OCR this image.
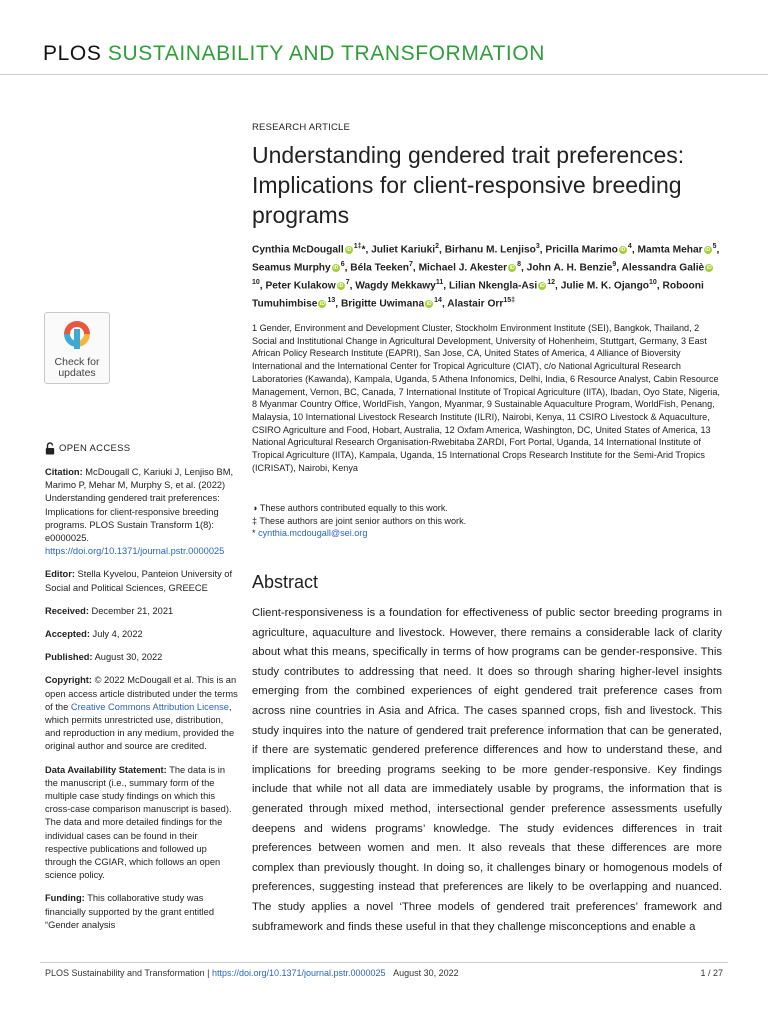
PLOS SUSTAINABILITY AND TRANSFORMATION
Check for
updates
OPEN ACCESS

Citation: McDougall C, Kariuki J, Lenjiso BM, Marimo P, Mehar M, Murphy S, et al. (2022) Understanding gendered trait preferences: Implications for client-responsive breeding programs. PLOS Sustain Transform 1(8): e0000025. https://doi.org/10.1371/journal.pstr.0000025

Editor: Stella Kyvelou, Panteion University of Social and Political Sciences, GREECE

Received: December 21, 2021

Accepted: July 4, 2022

Published: August 30, 2022

Copyright: © 2022 McDougall et al. This is an open access article distributed under the terms of the Creative Commons Attribution License, which permits unrestricted use, distribution, and reproduction in any medium, provided the original author and source are credited.

Data Availability Statement: The data is in the manuscript (i.e., summary form of the multiple case study findings on which this cross-case comparison manuscript is based). The data and more detailed findings for the individual cases can be found in their respective publications and followed up through the CGIAR, which follows an open science policy.

Funding: This collaborative study was financially supported by the grant entitled “Gender analysis

RESEARCH ARTICLE
Understanding gendered trait preferences: Implications for client-responsive breeding programs
Cynthia McDougall iD $^{1\ddagger}$*, Juliet Kariuki$^2$, Birhanu M. Lenjiso$^3$, Pricilla Marimo iD $^4$, Mamta Mehar iD $^5$, Seamus Murphy iD $^6$, Béla Teeken$^7$, Michael J. Akester iD $^8$, John A. H. Benzie$^9$, Alessandra Galiè $iD^{10}$, Peter Kulakow iD $^7$, Wagdy Mekkawy$^{11}$, Lilian Nkengla-Asi iD $^{12}$, Julie M. K. Ojango$^{10}$, Robooni Tumuhimbise iD $^{13}$, Brigitte Uwimana iD $^{14}$, Alastair Orr$^{15\ddagger}$
1 Gender, Environment and Development Cluster, Stockholm Environment Institute (SEI), Bangkok, Thailand, 2 Social and Institutional Change in Agricultural Development, University of Hohenheim, Stuttgart, Germany, 3 East African Policy Research Institute (EAPRI), San Jose, CA, United States of America, 4 Alliance of Bioversity International and the International Center for Tropical Agriculture (CIAT), c/o National Agricultural Research Laboratories (Kawanda), Kampala, Uganda, 5 Athena Infonomics, Delhi, India, 6 Resource Analyst, Cabin Resource Management, Vernon, BC, Canada, 7 International Institute of Tropical Agriculture (IITA), Ibadan, Oyo State, Nigeria, 8 Myanmar Country Office, WorldFish, Yangon, Myanmar, 9 Sustainable Aquaculture Program, WorldFish, Penang, Malaysia, 10 International Livestock Research Institute (ILRI), Nairobi, Kenya, 11 CSIRO Livestock & Aquaculture, CSIRO Agriculture and Food, Hobart, Australia, 12 Oxfam America, Washington, DC, United States of America, 13 National Agricultural Research Organisation-Rwebitaba ZARDI, Fort Portal, Uganda, 14 International Institute of Tropical Agriculture (IITA), Kampala, Uganda, 15 International Crops Research Institute for the Semi-Arid Tropics (ICRISAT), Nairobi, Kenya
◑ These authors contributed equally to this work.
‡ These authors are joint senior authors on this work.
* cynthia.mcdougall@sei.org
Abstract
Client-responsiveness is a foundation for effectiveness of public sector breeding programs in agriculture, aquaculture and livestock. However, there remains a considerable lack of clarity about what this means, specifically in terms of how programs can be gender-responsive. This study contributes to addressing that need. It does so through sharing higher-level insights emerging from the combined experiences of eight gendered trait preference cases from across nine countries in Asia and Africa. The cases spanned crops, fish and livestock. This study inquires into the nature of gendered trait preference information that can be generated, if there are systematic gendered preference differences and how to understand these, and implications for breeding programs seeking to be more gender-responsive. Key findings include that while not all data are immediately usable by programs, the information that is generated through mixed method, intersectional gender preference assessments usefully deepens and widens programs’ knowledge. The study evidences differences in trait preferences between women and men. It also reveals that these differences are more complex than previously thought. In doing so, it challenges binary or homogenous models of preferences, suggesting instead that preferences are likely to be overlapping and nuanced. The study applies a novel ‘Three models of gendered trait preferences’ framework and subframework and finds these useful in that they challenge misconceptions and enable a
PLOS Sustainability and Transformation | https://doi.org/10.1371/journal.pstr.0000025 August 30, 2022	1 / 27
